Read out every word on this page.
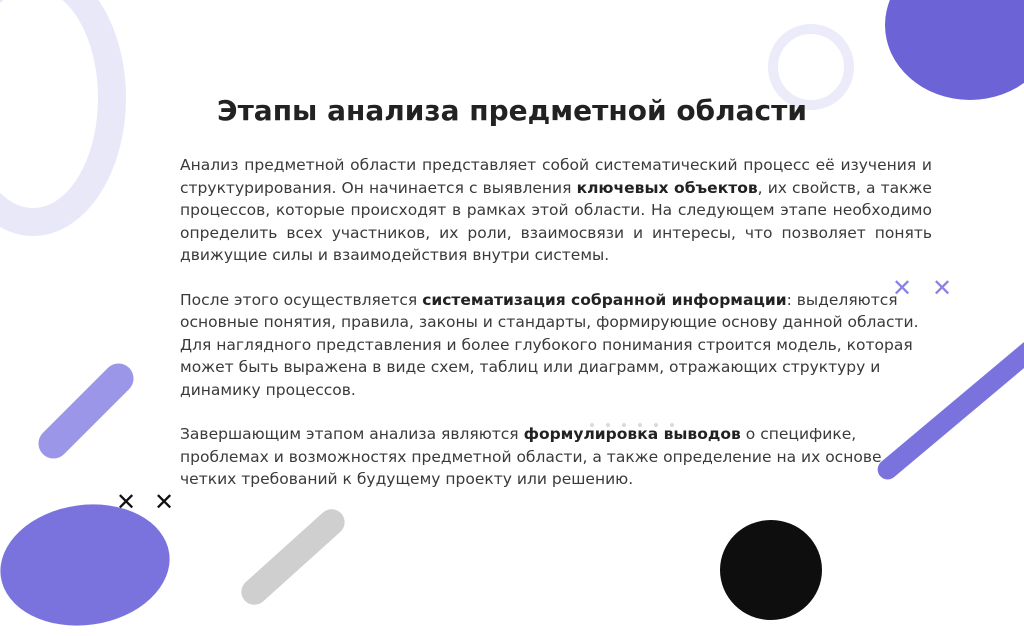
✕ ✕
✕ ✕
Этапы анализа предметной области

Анализ предметной области представляет собой систематический процесс её изучения и структурирования. Он начинается с выявления ключевых объектов, их свойств, а также процессов, которые происходят в рамках этой области. На следующем этапе необходимо определить всех участников, их роли, взаимосвязи и интересы, что позволяет понять движущие силы и взаимодействия внутри системы.

После этого осуществляется систематизация собранной информации: выделяются основные понятия, правила, законы и стандарты, формирующие основу данной области. Для наглядного представления и более глубокого понимания строится модель, которая может быть выражена в виде схем, таблиц или диаграмм, отражающих структуру и динамику процессов.

Завершающим этапом анализа являются формулировка выводов о специфике, проблемах и возможностях предметной области, а также определение на их основе четких требований к будущему проекту или решению.
